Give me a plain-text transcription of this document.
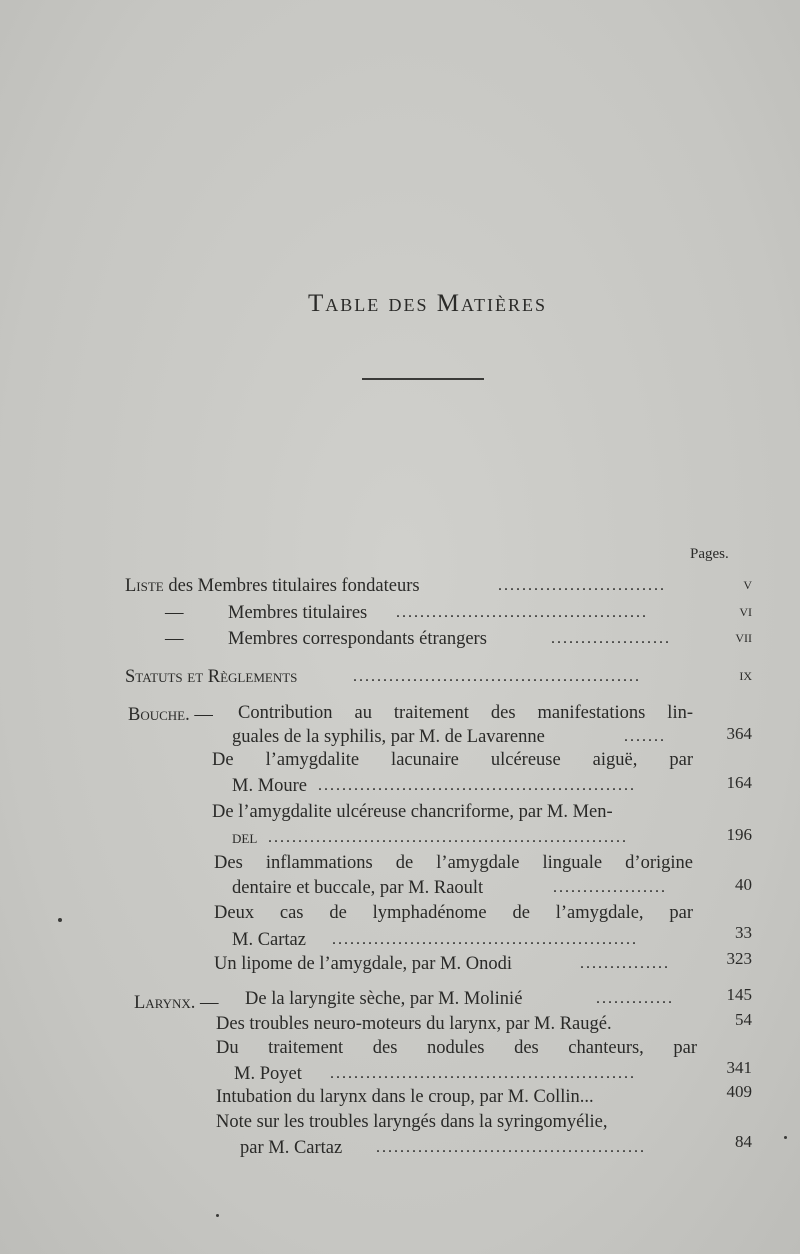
Table des Matières
Pages.
Liste des Membres titulaires fondateurs	............................	v
— Membres titulaires ..........................................	vi
— Membres correspondants étrangers	....................	vii
Statuts et Règlements	................................................	ix
Bouche. — Contribution au traitement des manifestations lin-
guales de la syphilis, par M. de Lavarenne	.......	364
De l’amygdalite lacunaire ulcéreuse aiguë, par
M. Moure .....................................................	164
De l’amygdalite ulcéreuse chancriforme, par M. Men-
del ............................................................	196
Des inflammations de l’amygdale linguale d’origine
dentaire et buccale, par M. Raoult	...................	40
Deux cas de lymphadénome de l’amygdale, par
M. Cartaz ...................................................	33
Un lipome de l’amygdale, par M. Onodi	...............	323
Larynx. — De la laryngite sèche, par M. Molinié	.............	145
Des troubles neuro-moteurs du larynx, par M. Raugé.	54
Du traitement des nodules des chanteurs, par
M. Poyet ...................................................	341
Intubation du larynx dans le croup, par M. Collin...	409
Note sur les troubles laryngés dans la syringomyélie,
par M. Cartaz .............................................	84
